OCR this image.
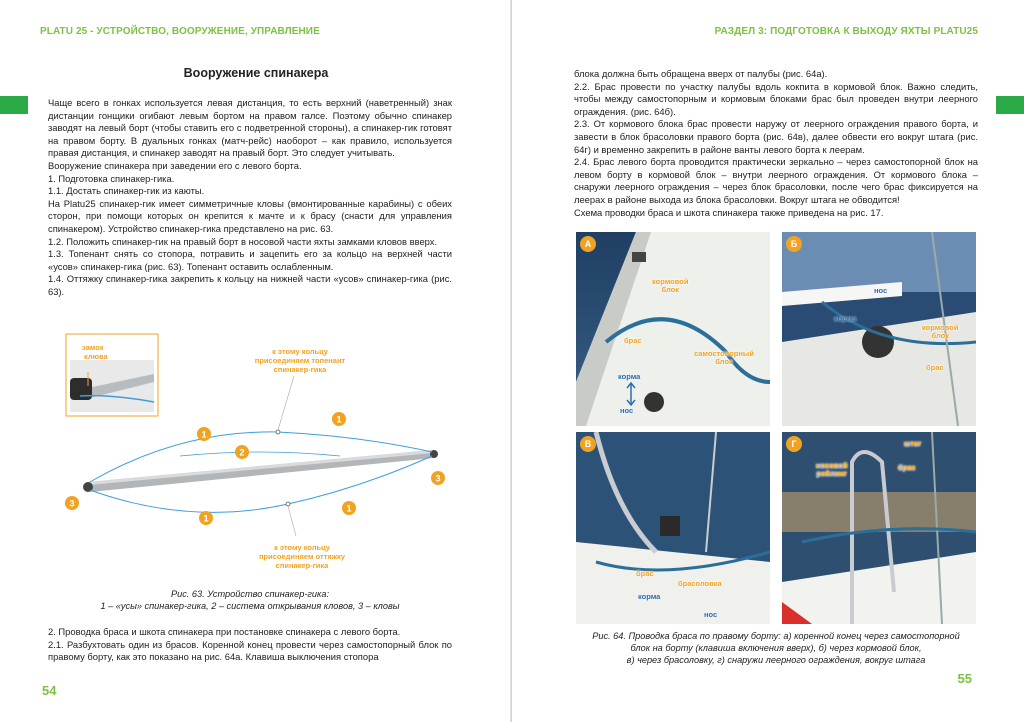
PLATU 25 - УСТРОЙСТВО, ВООРУЖЕНИЕ, УПРАВЛЕНИЕ
Вооружение спинакера

Чаще всего в гонках используется левая дистанция, то есть верхний (наветренный) знак дистанции гонщики огибают левым бортом на правом галсе. Поэтому обычно спинакер заводят на левый борт (чтобы ставить его с подветренной стороны), а спинакер-гик готовят на правом борту. В дуальных гонках (матч-рейс) наоборот – как правило, используется правая дистанция, и спинакер заводят на правый борт. Это следует учитывать.

Вооружение спинакера при заведении его с левого борта.

1. Подготовка спинакер-гика.

1.1. Достать спинакер-гик из каюты.

На Platu25 спинакер-гик имеет симметричные кловы (вмонтированные карабины) с обеих сторон, при помощи которых он крепится к мачте и к брасу (снасти для управления спинакером). Устройство спинакер-гика представлено на рис. 63.

1.2. Положить спинакер-гик на правый борт в носовой части яхты замками кловов вверх.

1.3. Топенант снять со стопора, потравить и зацепить его за кольцо на верхней части «усов» спинакер-гика (рис. 63). Топенант оставить ослабленным.

1.4. Оттяжку спинакер-гика закрепить к кольцу на нижней части «усов» спинакер-гика (рис. 63).

замок
клюва
к этому кольцу
присоединяем топенант
спинакер-гика
к этому кольцу
присоединяем оттяжку
спинакер-гика
1
1
2
1
1
3
3
Рис. 63. Устройство спинакер-гика:
1 – «усы» спинакер-гика, 2 – система открывания кловов, 3 – кловы

2. Проводка браса и шкота спинакера при постановке спинакера с левого борта.

2.1. Разбухтовать один из брасов. Коренной конец провести через самостопорный блок по правому борту, как это показано на рис. 64а. Клавиша выключения стопора

54
РАЗДЕЛ 3: ПОДГОТОВКА К ВЫХОДУ ЯХТЫ PLATU25

блока должна быть обращена вверх от палубы (рис. 64а).

2.2. Брас провести по участку палубы вдоль кокпита в кормовой блок. Важно следить, чтобы между самостопорным и кормовым блоками брас был проведен внутри леерного ограждения. (рис. 64б).

2.3. От кормового блока брас провести наружу от леерного ограждения правого борта, и завести в блок брасоловки правого борта (рис. 64в), далее обвести его вокруг штага (рис. 64г) и временно закрепить в районе ванты левого борта к леерам.

2.4. Брас левого борта проводится практически зеркально – через самостопорной блок на левом борту в кормовой блок – внутри леерного ограждения. От кормового блока – снаружи леерного ограждения – через блок брасоловки, после чего брас фиксируется на леерах в районе выхода из блока брасоловки. Вокруг штага не обводится!

Схема проводки браса и шкота спинакера также приведена на рис. 17.

А
кормовой
блок
брас
самостопорный
блок
корма
нос
Б
нос
корма
кормовой
блок
брас
В
брас
брасоловка
корма
нос
Г	штаг
носовой
рейлинг
брас
Рис. 64. Проводка браса по правому борту: а) коренной конец через самостопорной
блок на борту (клавиша включения вверх), б) через кормовой блок,
в) через брасоловку, г) снаружи леерного ограждения, вокруг штага
55
